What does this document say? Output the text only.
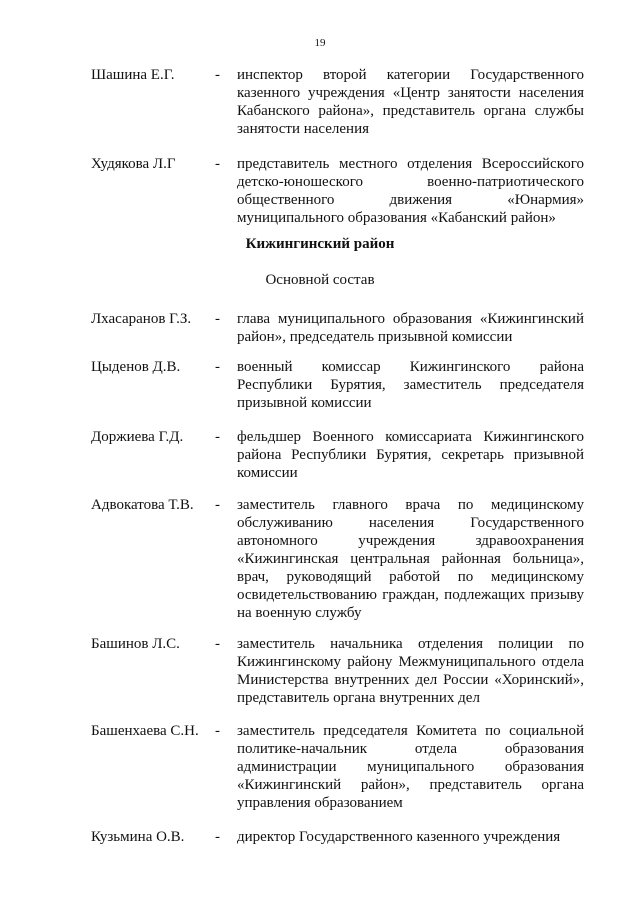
19
Шашина Е.Г.	- инспектор второй категории Государственного казенного учреждения «Центр занятости населения Кабанского района», представитель органа службы занятости населения
Худякова Л.Г	- представитель местного отделения Всероссийского детско-юношеского военно-патриотического общественного движения «Юнармия» муниципального образования «Кабанский район»
Кижингинский район
Основной состав
Лхасаранов Г.З.	- глава муниципального образования «Кижингинский район», председатель призывной комиссии
Цыденов Д.В.	- военный комиссар Кижингинского района Республики Бурятия, заместитель председателя призывной комиссии
Доржиева Г.Д.	- фельдшер Военного комиссариата Кижингинского района Республики Бурятия, секретарь призывной комиссии
Адвокатова Т.В.	- заместитель главного врача по медицинскому обслуживанию населения Государственного автономного учреждения здравоохранения «Кижингинская центральная районная больница», врач, руководящий работой по медицинскому освидетельствованию граждан, подлежащих призыву на военную службу
Башинов Л.С.	- заместитель начальника отделения полиции по Кижингинскому району Межмуниципального отдела Министерства внутренних дел России «Хоринский», представитель органа внутренних дел
Башенхаева С.Н.	- заместитель председателя Комитета по социальной политике-начальник отдела образования администрации муниципального образования «Кижингинский район», представитель органа управления образованием
Кузьмина О.В.	- директор Государственного казенного учреждения
